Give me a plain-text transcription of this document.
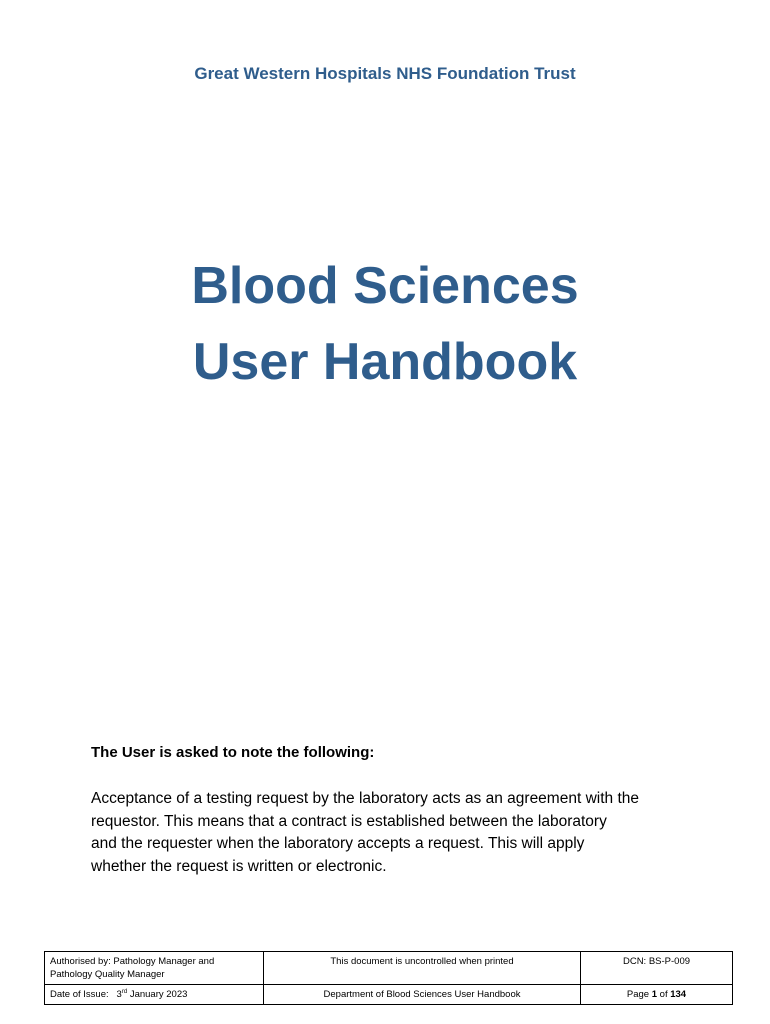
Great Western Hospitals NHS Foundation Trust
Blood Sciences
User Handbook
The User is asked to note the following:
Acceptance of a testing request by the laboratory acts as an agreement with the
requestor. This means that a contract is established between the laboratory
and the requester when the laboratory accepts a request. This will apply
whether the request is written or electronic.
Authorised by: Pathology Manager and Pathology Quality Manager	This document is uncontrolled when printed	DCN: BS-P-009
Date of Issue: 3rd January 2023	Department of Blood Sciences User Handbook	Page 1 of 134
